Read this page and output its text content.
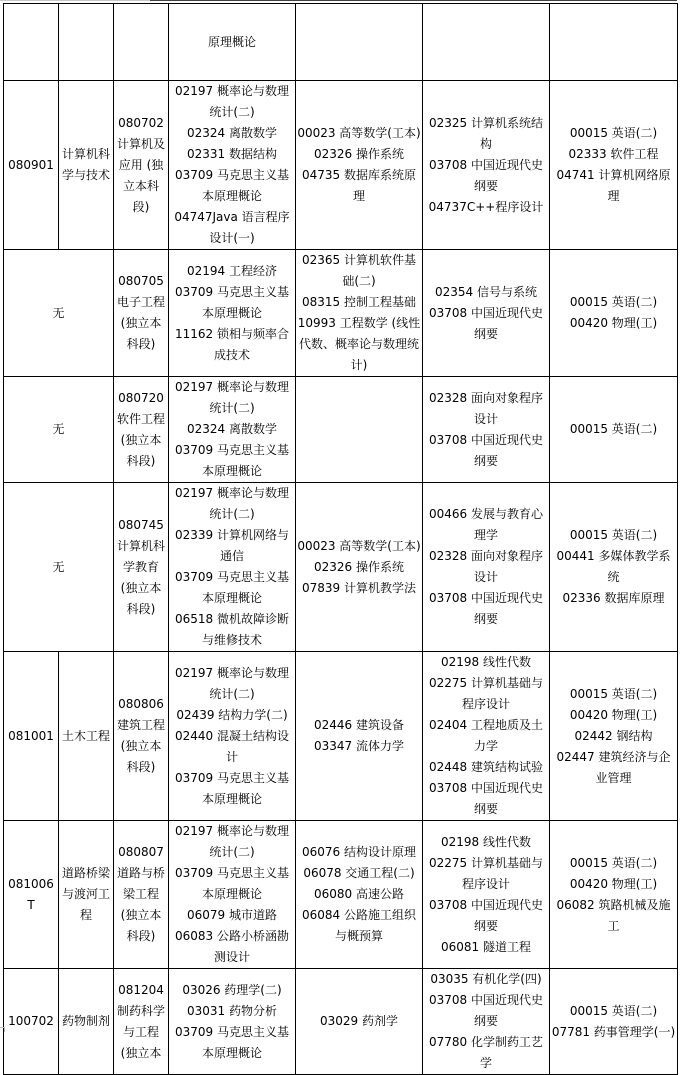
			原理概论			

080901	计算机科学与技术	080702 计算机及应用 (独立本科段)	02197 概率论与数理统计(二)
02324 离散数学
02331 数据结构
03709 马克思主义基本原理概论
04747Java 语言程序设计(一)	00023 高等数学(工本)
02326 操作系统
04735 数据库系统原理	02325 计算机系统结构
03708 中国近现代史纲要
04737C++程序设计	00015 英语(二)
02333 软件工程
04741 计算机网络原理

无		080705 电子工程 (独立本科段)	02194 工程经济
03709 马克思主义基本原理概论
11162 锁相与频率合成技术	02365 计算机软件基础(二)
08315 控制工程基础
10993 工程数学 (线性代数、概率论与数理统计)	02354 信号与系统
03708 中国近现代史纲要	00015 英语(二)
00420 物理(工)

无		080720 软件工程 (独立本科段)	02197 概率论与数理统计(二)
02324 离散数学
03709 马克思主义基本原理概论		02328 面向对象程序设计
03708 中国近现代史纲要	00015 英语(二)

无		080745 计算机科学教育 (独立本科段)	02197 概率论与数理统计(二)
02339 计算机网络与通信
03709 马克思主义基本原理概论
06518 微机故障诊断与维修技术	00023 高等数学(工本)
02326 操作系统
07839 计算机教学法	00466 发展与教育心理学
02328 面向对象程序设计
03708 中国近现代史纲要	00015 英语(二)
00441 多媒体教学系统
02336 数据库原理

081001	土木工程	080806 建筑工程 (独立本科段)	02197 概率论与数理统计(二)
02439 结构力学(二)
02440 混凝土结构设计
03709 马克思主义基本原理概论	02446 建筑设备
03347 流体力学	02198 线性代数
02275 计算机基础与程序设计
02404 工程地质及土力学
02448 建筑结构试验
03708 中国近现代史纲要	00015 英语(二)
00420 物理(工)
02442 钢结构
02447 建筑经济与企业管理

081006T	道路桥梁与渡河工程	080807 道路与桥梁工程 (独立本科段)	02197 概率论与数理统计(二)
03709 马克思主义基本原理概论
06079 城市道路
06083 公路小桥涵勘测设计	06076 结构设计原理
06078 交通工程(二)
06080 高速公路
06084 公路施工组织与概预算	02198 线性代数
02275 计算机基础与程序设计
03708 中国近现代史纲要
06081 隧道工程	00015 英语(二)
00420 物理(工)
06082 筑路机械及施工

100702	药物制剂	081204 制药科学与工程 (独立本	03026 药理学(二)
03031 药物分析
03709 马克思主义基本原理概论	03029 药剂学	03035 有机化学(四)
03708 中国近现代史纲要
07780 化学制药工艺学	00015 英语(二)
07781 药事管理学(一)
